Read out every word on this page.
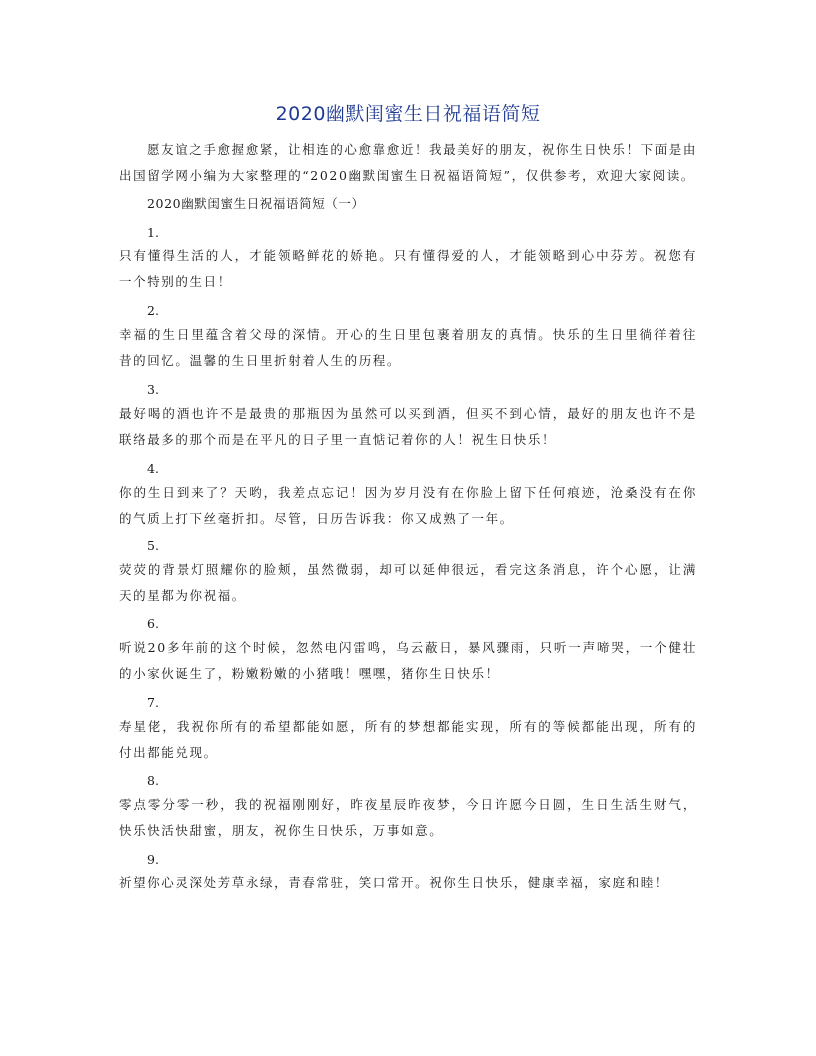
2020幽默闺蜜生日祝福语简短
愿友谊之手愈握愈紧，让相连的心愈靠愈近！我最美好的朋友，祝你生日快乐！下面是由出国留学网小编为大家整理的“2020幽默闺蜜生日祝福语简短”，仅供参考，欢迎大家阅读。
2020幽默闺蜜生日祝福语简短（一）
1.
只有懂得生活的人，才能领略鲜花的娇艳。只有懂得爱的人，才能领略到心中芬芳。祝您有一个特别的生日！
2.
幸福的生日里蕴含着父母的深情。开心的生日里包裹着朋友的真情。快乐的生日里徜徉着往昔的回忆。温馨的生日里折射着人生的历程。
3.
最好喝的酒也许不是最贵的那瓶因为虽然可以买到酒，但买不到心情，最好的朋友也许不是联络最多的那个而是在平凡的日子里一直惦记着你的人！祝生日快乐！
4.
你的生日到来了？天哟，我差点忘记！因为岁月没有在你脸上留下任何痕迹，沧桑没有在你的气质上打下丝毫折扣。尽管，日历告诉我：你又成熟了一年。
5.
荧荧的背景灯照耀你的脸颊，虽然微弱，却可以延伸很远，看完这条消息，许个心愿，让满天的星都为你祝福。
6.
听说20多年前的这个时候，忽然电闪雷鸣，乌云蔽日，暴风骤雨，只听一声啼哭，一个健壮的小家伙诞生了，粉嫩粉嫩的小猪哦！嘿嘿，猪你生日快乐！
7.
寿星佬，我祝你所有的希望都能如愿，所有的梦想都能实现，所有的等候都能出现，所有的付出都能兑现。
8.
零点零分零一秒，我的祝福刚刚好，昨夜星辰昨夜梦，今日许愿今日圆，生日生活生财气，快乐快活快甜蜜，朋友，祝你生日快乐，万事如意。
9.
祈望你心灵深处芳草永绿，青春常驻，笑口常开。祝你生日快乐，健康幸福，家庭和睦！
